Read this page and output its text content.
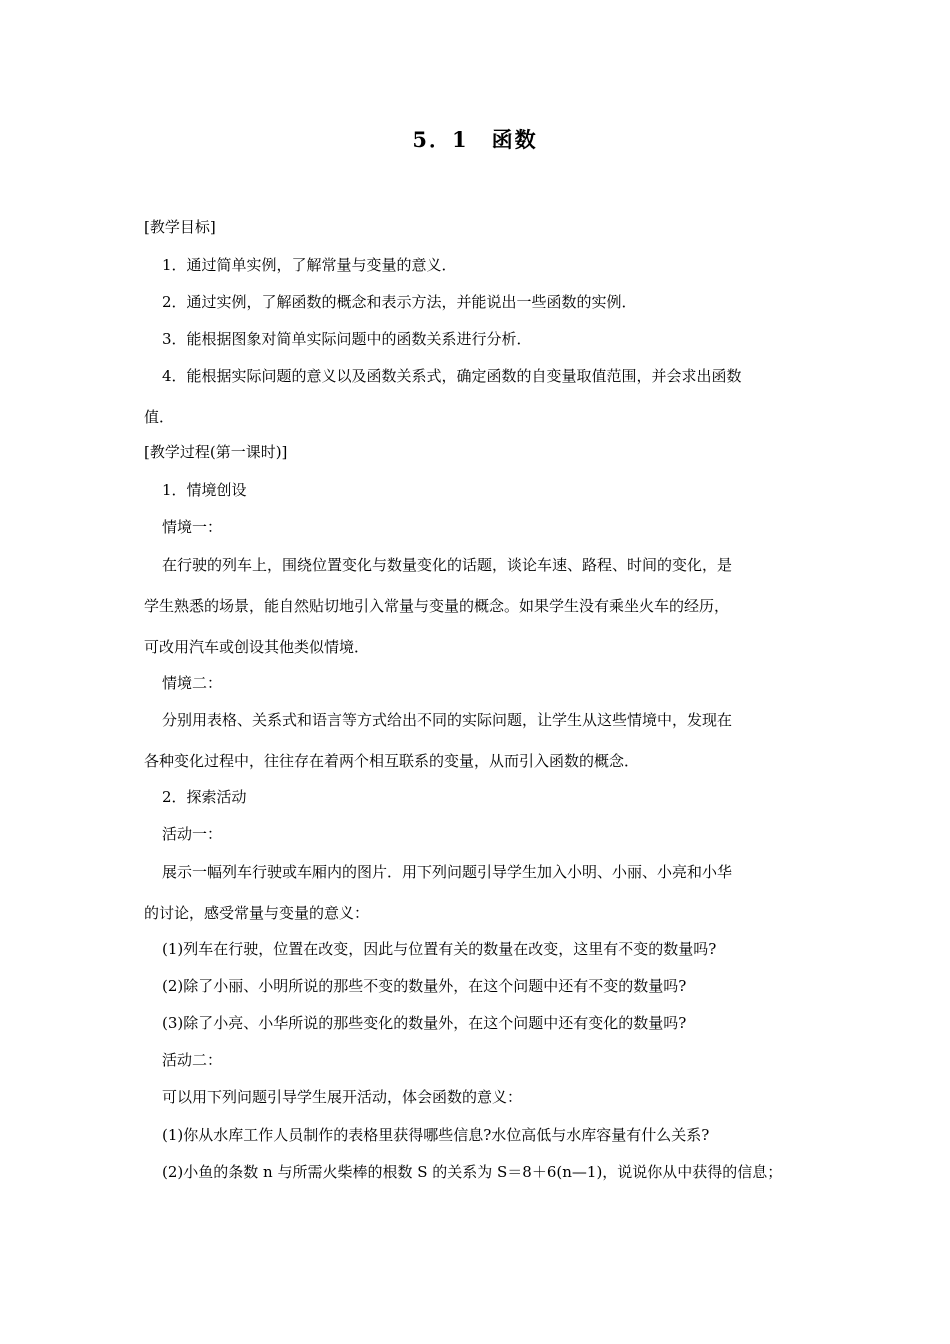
5．1　函数
[教学目标]
1．通过简单实例，了解常量与变量的意义．
2．通过实例，了解函数的概念和表示方法，并能说出一些函数的实例．
3．能根据图象对简单实际问题中的函数关系进行分析．
4．能根据实际问题的意义以及函数关系式，确定函数的自变量取值范围，并会求出函数
值．
[教学过程(第一课时)]
1．情境创设
情境一：
在行驶的列车上，围绕位置变化与数量变化的话题，谈论车速、路程、时间的变化，是
学生熟悉的场景，能自然贴切地引入常量与变量的概念。如果学生没有乘坐火车的经历，
可改用汽车或创设其他类似情境．
情境二：
分别用表格、关系式和语言等方式给出不同的实际问题，让学生从这些情境中，发现在
各种变化过程中，往往存在着两个相互联系的变量，从而引入函数的概念．
2．探索活动
活动一：
展示一幅列车行驶或车厢内的图片．用下列问题引导学生加入小明、小丽、小亮和小华
的讨论，感受常量与变量的意义：
(1)列车在行驶，位置在改变，因此与位置有关的数量在改变，这里有不变的数量吗?
(2)除了小丽、小明所说的那些不变的数量外，在这个问题中还有不变的数量吗?
(3)除了小亮、小华所说的那些变化的数量外，在这个问题中还有变化的数量吗?
活动二：
可以用下列问题引导学生展开活动，体会函数的意义：
(1)你从水库工作人员制作的表格里获得哪些信息?水位高低与水库容量有什么关系?
(2)小鱼的条数 n 与所需火柴棒的根数 S 的关系为 S＝8＋6(n—1)，说说你从中获得的信息；
